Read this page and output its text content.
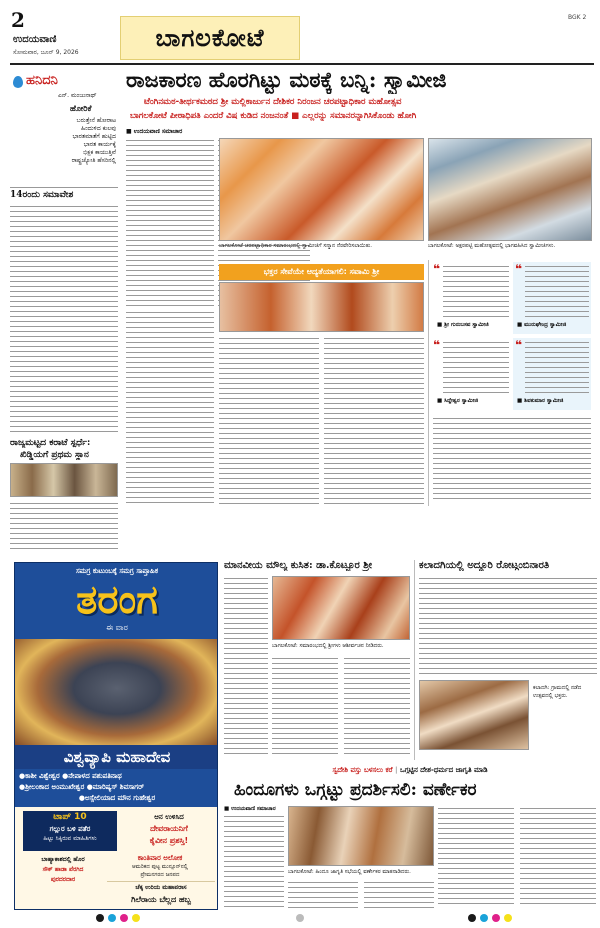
2
ಉದಯವಾಣಿ
ಸೋಮವಾರ, ಜೂನ್ 9, 2026
ಬಾಗಲಕೋಟೆ
BGK 2
ಹನಿದನಿ
ಎನ್. ಮಂಜುನಾಥ್
ಹೋರಿಕೆ
ಬರುತ್ತೇನೆ ಹೋರಾಟ
ಹಿಂದುಳಿದ ಕುಲವು
ಭಾರತಮಾತೆಗೆ ಹುಟ್ಟಿದ
ಭಾರತ ಕಾರ್ಯಕ್ಕೆ
ಭಿಕ್ಷಕ ಕಾಯುತ್ತಿವೆ
ರಾಷ್ಟ್ರಜ್ಯೋತಿ ಹೆಸರಿನಲ್ಲಿ
14ರಂದು ಸಮಾವೇಶ
ರಾಜ್ಯಮಟ್ಟದ ಕರಾಟೆ ಸ್ಪರ್ಧೆ:
ಖಿಡ್ಡಿಯಗೆ ಪ್ರಥಮ ಸ್ಥಾನ
ರಾಜಕಾರಣ ಹೊರಗಿಟ್ಟು ಮಠಕ್ಕೆ ಬನ್ನಿ: ಸ್ವಾಮೀಜಿ
ಟೆಂಗಿನಮಠ-ತೀರ್ಥಕಮಠದ ಶ್ರೀ ಮಲ್ಲಿಕಾರ್ಜುನ ದೇಶಿಕರ ನಿರಂಜನ ಚರಪಟ್ಟಾಧಿಕಾರ ಮಹೋತ್ಸವ
ಬಾಗಲಕೋಟೆ ಪೀಠಾಧಿಪತಿ ಎಂದರೆ ವಿಷ ಕುಡಿದ ನಂಜನಂತೆ ■ ಎಲ್ಲರನ್ನು ಸಮಾನರನ್ನಾಗಿಸಿಕೊಂಡು ಹೋಗಿ
■ ಉದಯವಾಣಿ ಸಮಾಚಾರ
ಬಾಗಲಕೋಟೆ ಚರಪಟ್ಟಾಧಿಕಾರ ಸಮಾರಂಭದಲ್ಲಿ ಸ್ವಾಮೀಜಿಗೆ ಸನ್ಮಾನ ನೆರವೇರಿಸಲಾಯಿತು.	ಬಾಗಲಕೋಟೆ: ಅಕ್ಷರಪಟ್ಟಿ ಮಹೋತ್ಸವದಲ್ಲಿ ಭಾಗವಹಿಸಿದ ಸ್ವಾಮೀಜಿಗಳು.
ಭಕ್ತರ ಸೇವೆಯೇ ಆದ್ಯತೆಯಾಗಲಿ: ಸವಾಮಿ ಶ್ರೀ	❝
■ ಶ್ರೀ ಗುರುಬಸವ ಸ್ವಾಮೀಜಿ
❝
■ ಮುರುಘೇಂದ್ರ ಸ್ವಾಮೀಜಿ
❝
■ ಸಿದ್ದೇಶ್ವರ ಸ್ವಾಮೀಜಿ
❝
■ ಶಿವಕುಮಾರ ಸ್ವಾಮೀಜಿ
ಸಮಗ್ರ ಕುಟುಂಬಕ್ಕೆ ಸಮಗ್ರ ಸಾಪ್ತಾಹಿಕ
ತರಂಗ
ಈ ವಾರ
ವಿಶ್ವವ್ಯಾಪಿ ಮಹಾದೇವ
●ಕಾಶೀ ವಿಶ್ವೇಶ್ವರ ●ನೇಪಾಳದ ಪಶುಪತಿನಾಥ
●ಶ್ರೀಲಂಕಾದ ಅಂಮುಖೇಶ್ವರ ●ಮಾರಿಷ್ಯಸ್ ಶಿವಸಾಗರ್
●ಅಸ್ಸೇಲಿಯಾದ ಮೌನ ಗುಹೇಶ್ವರ
ಟಾಪ್ 10
ಗಲ್ಲುರ ಬಳಿ ಪತೆರ
ಹಿಟ್ಟು ಸಿಕ್ಕಿರುವ ಮಾಹಿತಿಗಳು
ಆನ ಉಳಿಸಿದ
ದೇವರಾಯನಿಗೆ
ಕೈವೀನ ಪ್ರಶಸ್ತಿ!
ಕಾಂತಿವಾರ ಅಲೋಕ
ಆಮರಿಕದ ಪುಟ್ಟ ಮುನ್ಸೂನ್‌ನಲ್ಲಿ
ಪ್ರೇಮನಗರದ ಜನಪದ
ಬಾಹ್ಯಾಕಾಶದಲ್ಲಿ ಹೊರ
ಸೌಕ್ ಹಾಡಾ ಪೆರಗಿದ
ಪುರದರದಾರ
ಚೆಕ್ಕ ಉರಿಯ ಮಹಾಪರಾಸ
ಗಿಲೆರಾಯ ಬೆಲ್ಲದ ಹಬ್ಬ
ಮಾನವೀಯ ಮೌಲ್ಯ ಕುಸಿತ: ಡಾ.ಕೊಟ್ಟೂರ ಶ್ರೀ
ಬಾಗಲಕೋಟೆ: ಸಮಾರಂಭದಲ್ಲಿ ಶ್ರೀಗಳು ಆಶೀರ್ವಚನ ನೀಡಿದರು.
ಕಲಾದಗಿಯಲ್ಲಿ ಅದ್ದೂರಿ ರೋಟ್ಗಂಬಿನಾರತಿ
ಕಲಾದಗಿ: ಗ್ರಾಮದಲ್ಲಿ ನಡೆದ ಉತ್ಸವದಲ್ಲಿ ಭಕ್ತರು.
ಸ್ವದೇಶಿ ವಸ್ತು ಬಳಸಲು ಕರೆ | ಒಗ್ಗಟ್ಟಿನ ದೇಶ-ಧರ್ಮದ ಜಾಗೃತಿ ಮಾಡಿ
ಹಿಂದೂಗಳು ಒಗ್ಗಟ್ಟು ಪ್ರದರ್ಶಿಸಲಿ: ವರ್ಣೇಕರ
■ ಉದಯವಾಣಿ ಸಮಾಚಾರ
ಬಾಗಲಕೋಟೆ: ಹಿಂದೂ ಜಾಗೃತಿ ಸಭೆಯಲ್ಲಿ ವರ್ಣೇಕರ ಮಾತನಾಡಿದರು.
